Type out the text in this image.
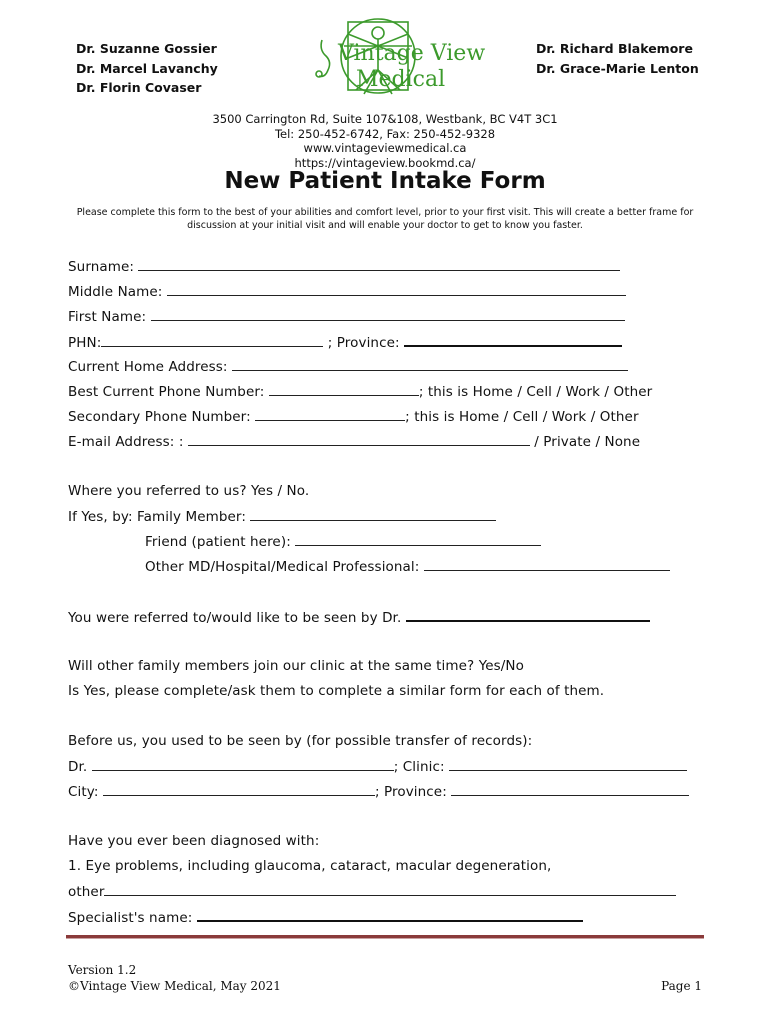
Dr. Suzanne Gossier
Dr. Marcel Lavanchy
Dr. Florin Covaser
Dr. Richard Blakemore
Dr. Grace-Marie Lenton
Vintage View
Medical
3500 Carrington Rd, Suite 107&108, Westbank, BC V4T 3C1
Tel: 250-452-6742, Fax: 250-452-9328
www.vintageviewmedical.ca
https://vintageview.bookmd.ca/
New Patient Intake Form
Please complete this form to the best of your abilities and comfort level, prior to your first visit. This will create a better frame for discussion at your initial visit and will enable your doctor to get to know you faster.
Surname:
Middle Name:
First Name:
PHN:	; Province:
Current Home Address:
Best Current Phone Number:	; this is Home / Cell / Work / Other
Secondary Phone Number:	; this is Home / Cell / Work / Other
E-mail Address: :	/ Private / None
Where you referred to us? Yes / No.
If Yes, by: Family Member:
Friend (patient here):
Other MD/Hospital/Medical Professional:
You were referred to/would like to be seen by Dr.
Will other family members join our clinic at the same time? Yes/No
Is Yes, please complete/ask them to complete a similar form for each of them.
Before us, you used to be seen by (for possible transfer of records):
Dr.	; Clinic:
City:	; Province:
Have you ever been diagnosed with:
1. Eye problems, including glaucoma, cataract, macular degeneration,
other
Specialist's name:
Version 1.2
©Vintage View Medical, May 2021	Page 1
